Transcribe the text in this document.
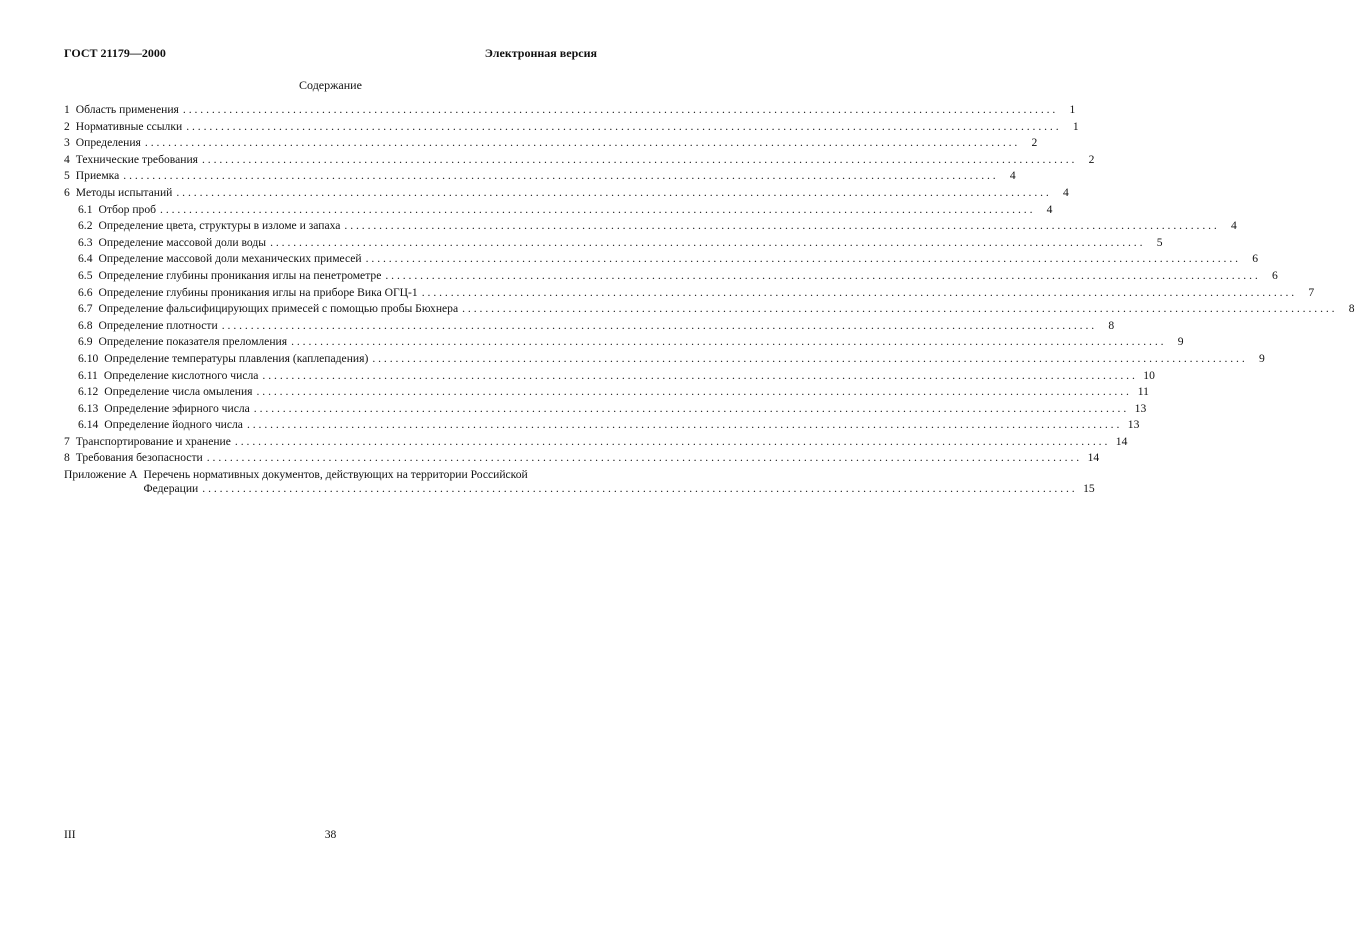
ГОСТ 21179—2000	Электронная версия
Содержание
1 Область применения . . .	1
2 Нормативные ссылки . . .	1
3 Определения . . .	2
4 Технические требования . . .	2
5 Приемка . . .	4
6 Методы испытаний . . .	4
6.1 Отбор проб . . .	4
6.2 Определение цвета, структуры в изломе и запаха . . .	4
6.3 Определение массовой доли воды . . .	5
6.4 Определение массовой доли механических примесей . . .	6
6.5 Определение глубины проникания иглы на пенетрометре . . .	6
6.6 Определение глубины проникания иглы на приборе Вика ОГЦ-1 . . .	7
6.7 Определение фальсифицирующих примесей с помощью пробы Бюхнера . . .	8
6.8 Определение плотности . . .	8
6.9 Определение показателя преломления . . .	9
6.10 Определение температуры плавления (каплепадения) . . .	9
6.11 Определение кислотного числа . . .	10
6.12 Определение числа омыления . . .	11
6.13 Определение эфирного числа . . .	13
6.14 Определение йодного числа . . .	13
7 Транспортирование и хранение . . .	14
8 Требования безопасности . . .	14
Приложение А Перечень нормативных документов, действующих на территории Российской
Федерации . . .	15
III	38
